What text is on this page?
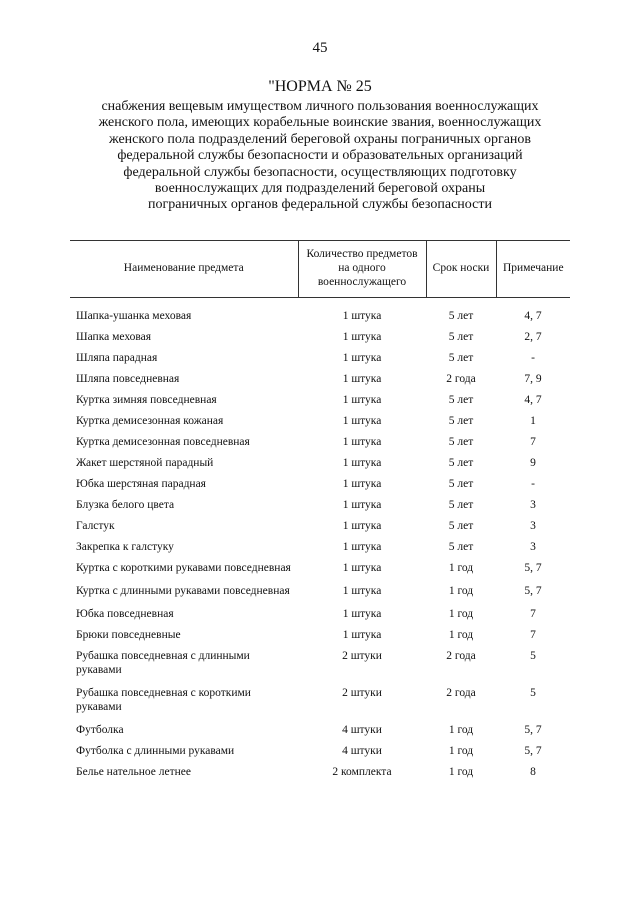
45
"НОРМА № 25
снабжения вещевым имуществом личного пользования военнослужащих
женского пола, имеющих корабельные воинские звания, военнослужащих
женского пола подразделений береговой охраны пограничных органов
федеральной службы безопасности и образовательных организаций
федеральной службы безопасности, осуществляющих подготовку
военнослужащих для подразделений береговой охраны
пограничных органов федеральной службы безопасности
Наименование предмета	Количество предметов на одного военнослужащего	Срок носки	Примечание

Шапка-ушанка меховая	1 штука	5 лет	4, 7
Шапка меховая	1 штука	5 лет	2, 7
Шляпа парадная	1 штука	5 лет	-
Шляпа повседневная	1 штука	2 года	7, 9
Куртка зимняя повседневная	1 штука	5 лет	4, 7
Куртка демисезонная кожаная	1 штука	5 лет	1
Куртка демисезонная повседневная	1 штука	5 лет	7
Жакет шерстяной парадный	1 штука	5 лет	9
Юбка шерстяная парадная	1 штука	5 лет	-
Блузка белого цвета	1 штука	5 лет	3
Галстук	1 штука	5 лет	3
Закрепка к галстуку	1 штука	5 лет	3
Куртка с короткими рукавами повседневная	1 штука	1 год	5, 7
Куртка с длинными рукавами повседневная	1 штука	1 год	5, 7
Юбка повседневная	1 штука	1 год	7
Брюки повседневные	1 штука	1 год	7
Рубашка повседневная с длинными рукавами	2 штуки	2 года	5
Рубашка повседневная с короткими рукавами	2 штуки	2 года	5
Футболка	4 штуки	1 год	5, 7
Футболка с длинными рукавами	4 штуки	1 год	5, 7
Белье нательное летнее	2 комплекта	1 год	8
